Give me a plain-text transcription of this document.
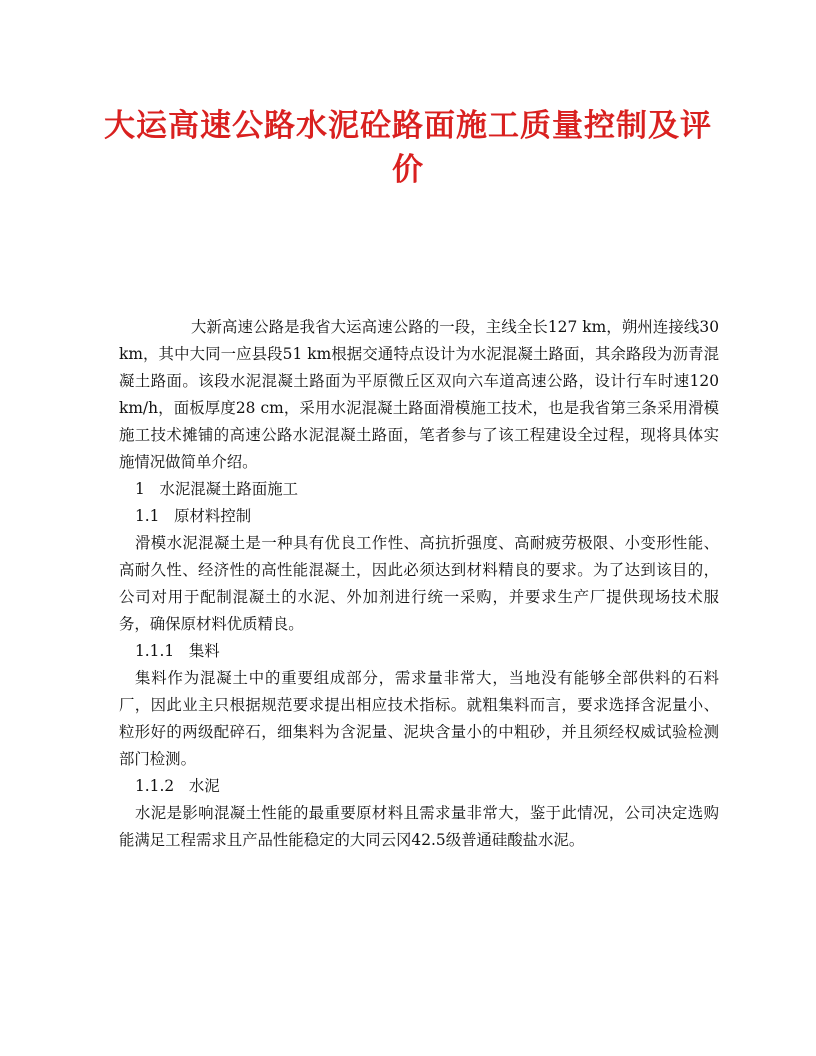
大运高速公路水泥砼路面施工质量控制及评价

大新高速公路是我省大运高速公路的一段，主线全长127 km，朔州连接线30 km，其中大同一应县段51 km根据交通特点设计为水泥混凝土路面，其余路段为沥青混凝土路面。该段水泥混凝土路面为平原微丘区双向六车道高速公路，设计行车时速120 km/h，面板厚度28 cm，采用水泥混凝土路面滑模施工技术，也是我省第三条采用滑模施工技术摊铺的高速公路水泥混凝土路面，笔者参与了该工程建设全过程，现将具体实施情况做简单介绍。

1   水泥混凝土路面施工

1.1   原材料控制

滑模水泥混凝土是一种具有优良工作性、高抗折强度、高耐疲劳极限、小变形性能、高耐久性、经济性的高性能混凝土，因此必须达到材料精良的要求。为了达到该目的，公司对用于配制混凝土的水泥、外加剂进行统一采购，并要求生产厂提供现场技术服务，确保原材料优质精良。

1.1.1   集料

集料作为混凝土中的重要组成部分，需求量非常大，当地没有能够全部供料的石料厂，因此业主只根据规范要求提出相应技术指标。就粗集料而言，要求选择含泥量小、粒形好的两级配碎石，细集料为含泥量、泥块含量小的中粗砂，并且须经权威试验检测部门检测。

1.1.2   水泥

水泥是影响混凝土性能的最重要原材料且需求量非常大，鉴于此情况，公司决定选购能满足工程需求且产品性能稳定的大同云冈42.5级普通硅酸盐水泥。
